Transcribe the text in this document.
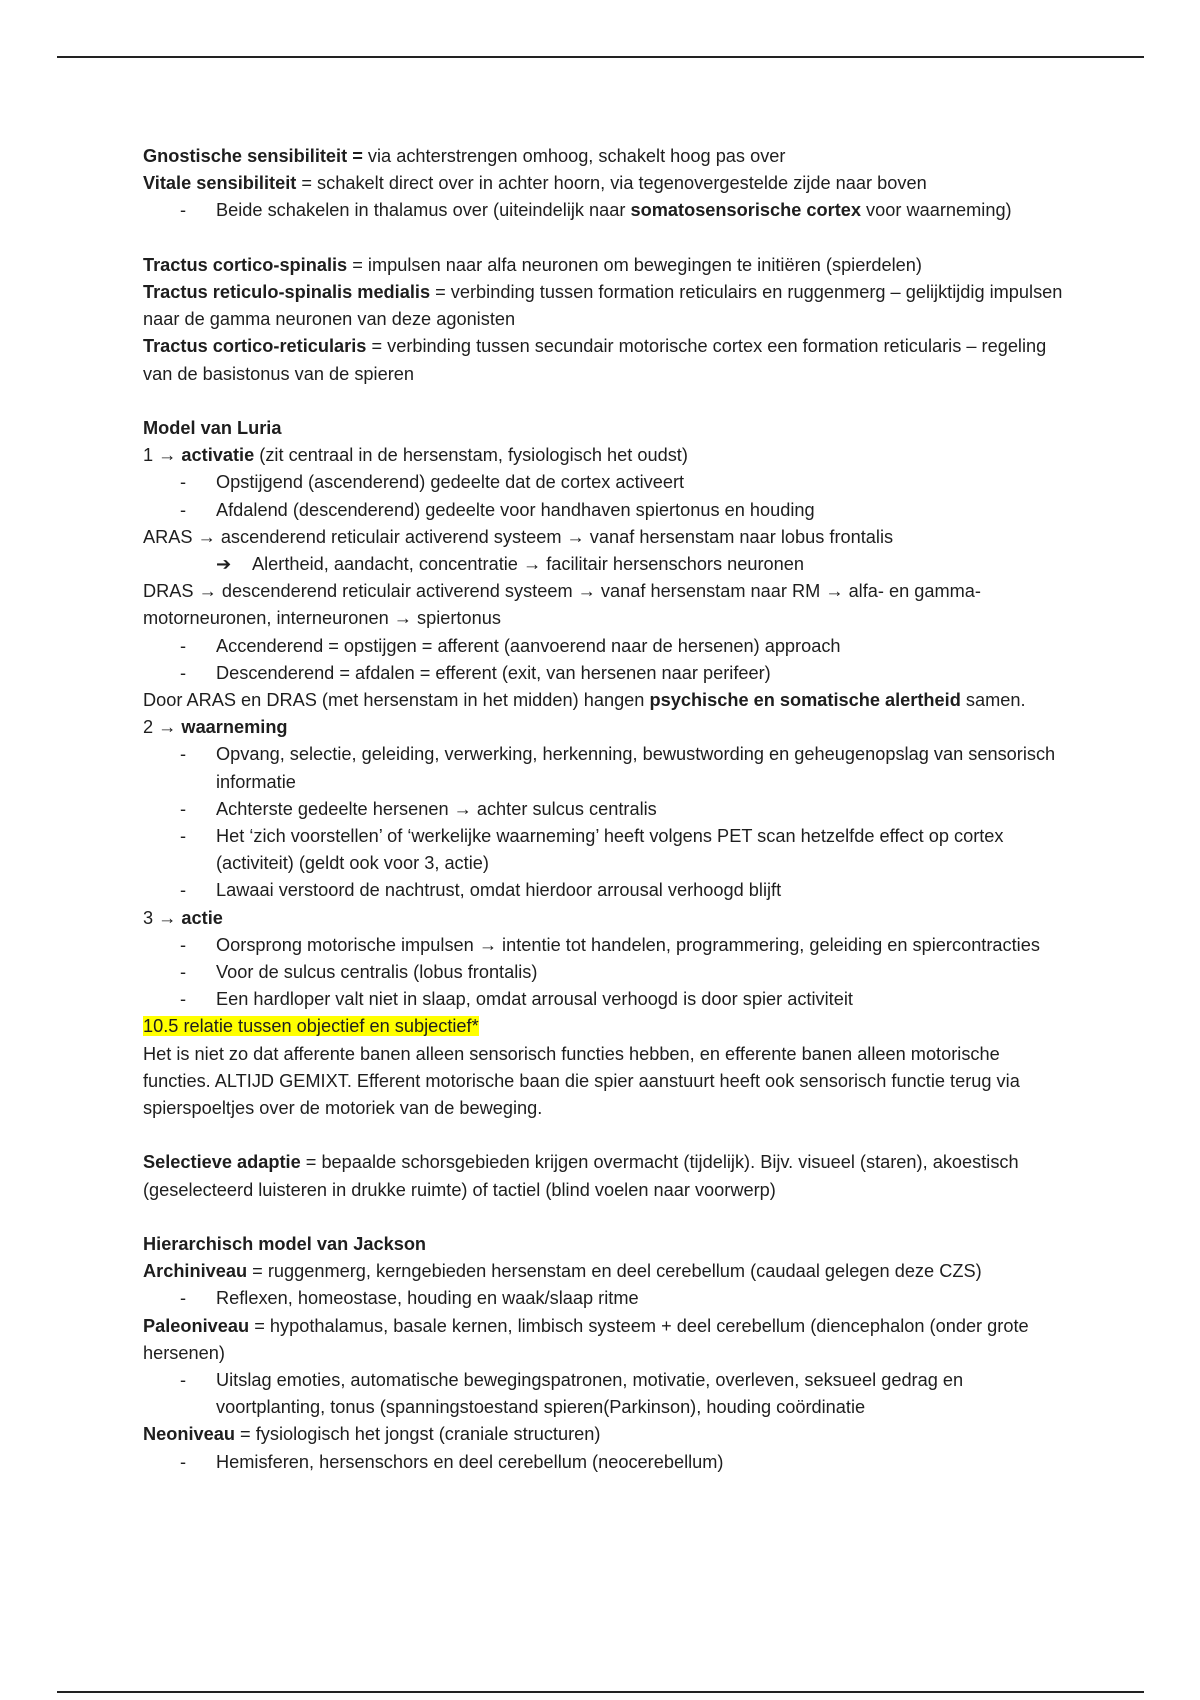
Gnostische sensibiliteit = via achterstrengen omhoog, schakelt hoog pas over
Vitale sensibiliteit = schakelt direct over in achter hoorn, via tegenovergestelde zijde naar boven
- Beide schakelen in thalamus over (uiteindelijk naar somatosensorische cortex voor waarneming)
Tractus cortico-spinalis = impulsen naar alfa neuronen om bewegingen te initiëren (spierdelen)
Tractus reticulo-spinalis medialis = verbinding tussen formation reticulairs en ruggenmerg – gelijktijdig impulsen naar de gamma neuronen van deze agonisten
Tractus cortico-reticularis = verbinding tussen secundair motorische cortex een formation reticularis – regeling van de basistonus van de spieren
Model van Luria
1 → activatie (zit centraal in de hersenstam, fysiologisch het oudst)
- Opstijgend (ascenderend) gedeelte dat de cortex activeert
- Afdalend (descenderend) gedeelte voor handhaven spiertonus en houding
ARAS → ascenderend reticulair activerend systeem → vanaf hersenstam naar lobus frontalis
➔ Alertheid, aandacht, concentratie → facilitair hersenschors neuronen
DRAS → descenderend reticulair activerend systeem → vanaf hersenstam naar RM → alfa- en gamma-motorneuronen, interneuronen → spiertonus
- Accenderend = opstijgen = afferent (aanvoerend naar de hersenen) approach
- Descenderend = afdalen = efferent (exit, van hersenen naar perifeer)
Door ARAS en DRAS (met hersenstam in het midden) hangen psychische en somatische alertheid samen.
2 → waarneming
- Opvang, selectie, geleiding, verwerking, herkenning, bewustwording en geheugenopslag van sensorisch informatie
- Achterste gedeelte hersenen → achter sulcus centralis
- Het ‘zich voorstellen’ of ‘werkelijke waarneming’ heeft volgens PET scan hetzelfde effect op cortex (activiteit) (geldt ook voor 3, actie)
- Lawaai verstoord de nachtrust, omdat hierdoor arrousal verhoogd blijft
3 → actie
- Oorsprong motorische impulsen → intentie tot handelen, programmering, geleiding en spiercontracties
- Voor de sulcus centralis (lobus frontalis)
- Een hardloper valt niet in slaap, omdat arrousal verhoogd is door spier activiteit
10.5 relatie tussen objectief en subjectief*
Het is niet zo dat afferente banen alleen sensorisch functies hebben, en efferente banen alleen motorische functies. ALTIJD GEMIXT. Efferent motorische baan die spier aanstuurt heeft ook sensorisch functie terug via spierspoeltjes over de motoriek van de beweging.
Selectieve adaptie = bepaalde schorsgebieden krijgen overmacht (tijdelijk). Bijv. visueel (staren), akoestisch (geselecteerd luisteren in drukke ruimte) of tactiel (blind voelen naar voorwerp)
Hierarchisch model van Jackson
Archiniveau = ruggenmerg, kerngebieden hersenstam en deel cerebellum (caudaal gelegen deze CZS)
- Reflexen, homeostase, houding en waak/slaap ritme
Paleoniveau = hypothalamus, basale kernen, limbisch systeem + deel cerebellum (diencephalon (onder grote hersenen)
- Uitslag emoties, automatische bewegingspatronen, motivatie, overleven, seksueel gedrag en voortplanting, tonus (spanningstoestand spieren(Parkinson), houding coördinatie
Neoniveau = fysiologisch het jongst (craniale structuren)
- Hemisferen, hersenschors en deel cerebellum (neocerebellum)
